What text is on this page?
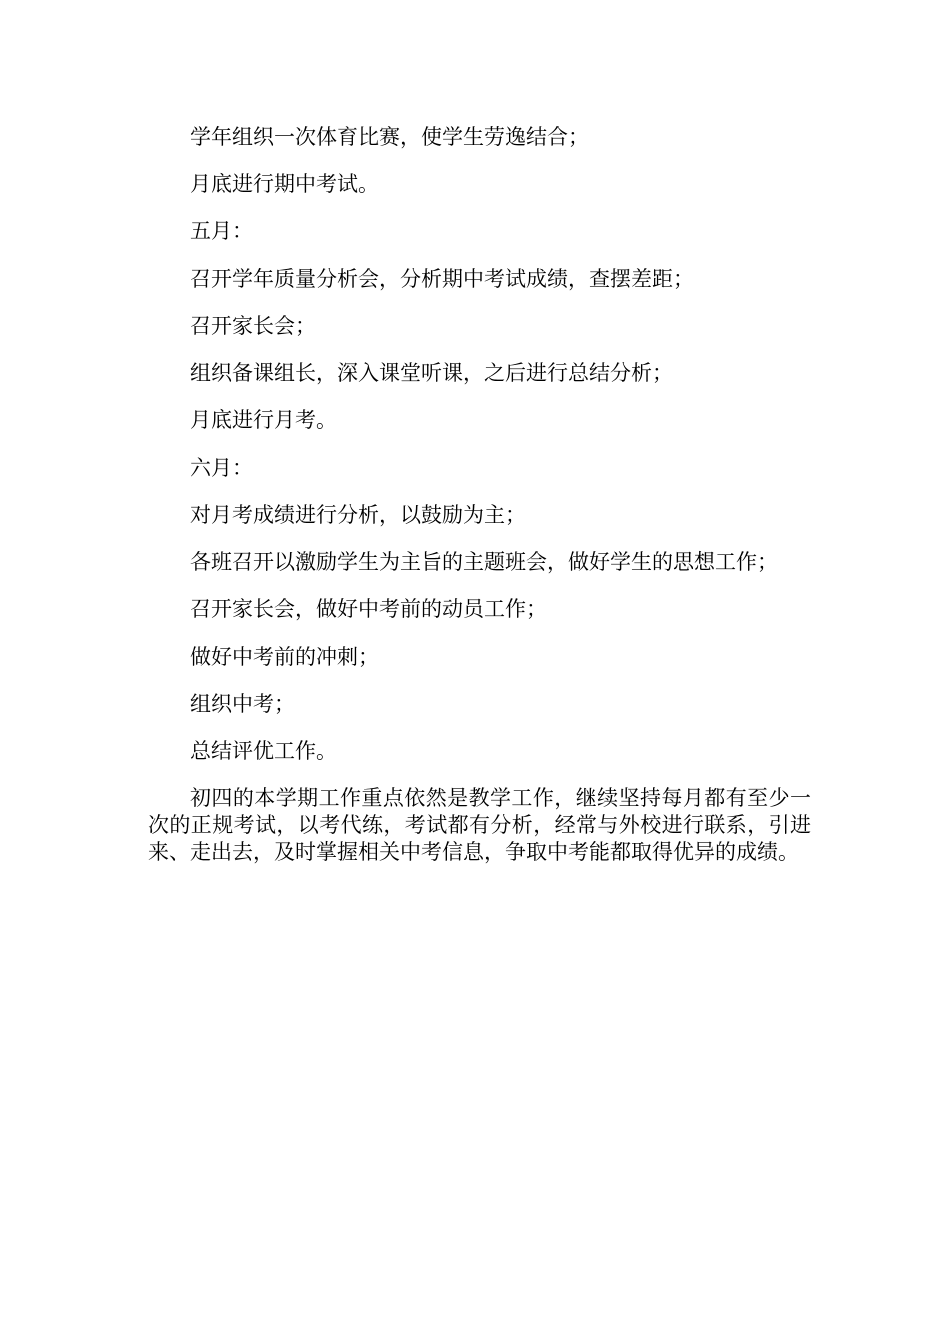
学年组织一次体育比赛，使学生劳逸结合；
月底进行期中考试。
五月：
召开学年质量分析会，分析期中考试成绩，查摆差距；
召开家长会；
组织备课组长，深入课堂听课，之后进行总结分析；
月底进行月考。
六月：
对月考成绩进行分析，以鼓励为主；
各班召开以激励学生为主旨的主题班会，做好学生的思想工作；
召开家长会，做好中考前的动员工作；
做好中考前的冲刺；
组织中考；
总结评优工作。
初四的本学期工作重点依然是教学工作，继续坚持每月都有至少一次的正规考试，以考代练，考试都有分析，经常与外校进行联系，引进来、走出去，及时掌握相关中考信息，争取中考能都取得优异的成绩。
